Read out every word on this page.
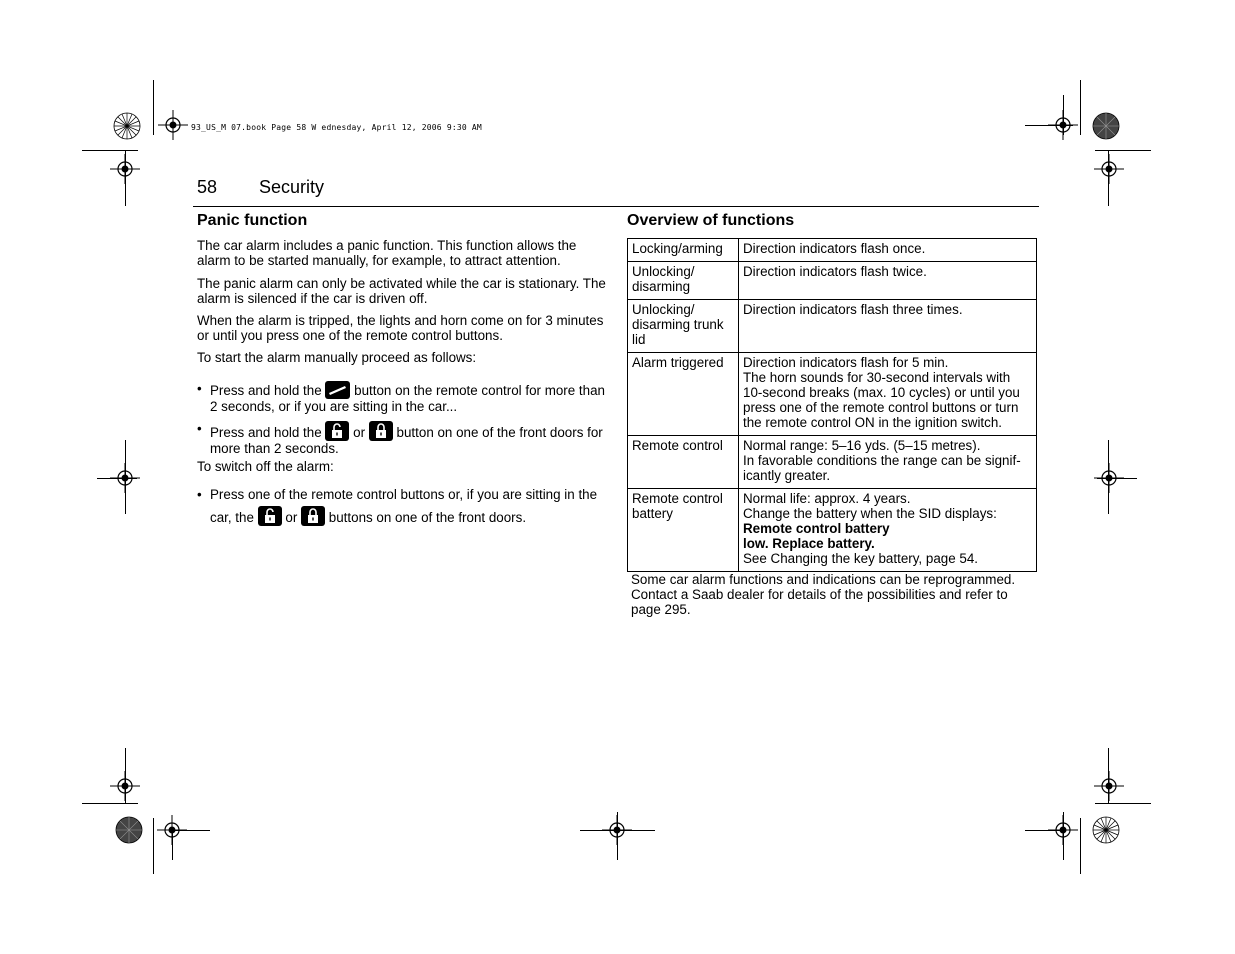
93_US_M 07.book Page 58 W ednesday, April 12, 2006 9:30 AM
58 Security
Panic function
The car alarm includes a panic function. This function allows the alarm to be started manually, for example, to attract attention.
The panic alarm can only be activated while the car is stationary. The alarm is silenced if the car is driven off.
When the alarm is tripped, the lights and horn come on for 3 minutes or until you press one of the remote control buttons.
To start the alarm manually proceed as follows:
• Press and hold the button on the remote control for more than 2 seconds, or if you are sitting in the car...
• Press and hold the or button on one of the front doors for more than 2 seconds.
To switch off the alarm:
• Press one of the remote control buttons or, if you are sitting in the car, the or buttons on one of the front doors.
Overview of functions
Locking/arming	Direction indicators flash once.
Unlocking/ disarming	Direction indicators flash twice.
Unlocking/ disarming trunk lid	Direction indicators flash three times.
Alarm triggered	Direction indicators flash for 5 min.
The horn sounds for 30-second intervals with 10-second breaks (max. 10 cycles) or until you press one of the remote control buttons or turn the remote control ON in the ignition switch.

Remote control	Normal range: 5–16 yds. (5–15 metres).
In favorable conditions the range can be signif-icantly greater.

Remote control battery	Normal life: approx. 4 years.
Change the battery when the SID displays:
Remote control battery
low. Replace battery.
See Changing the key battery, page 54.
Some car alarm functions and indications can be reprogrammed. Contact a Saab dealer for details of the possibilities and refer to page 295.
